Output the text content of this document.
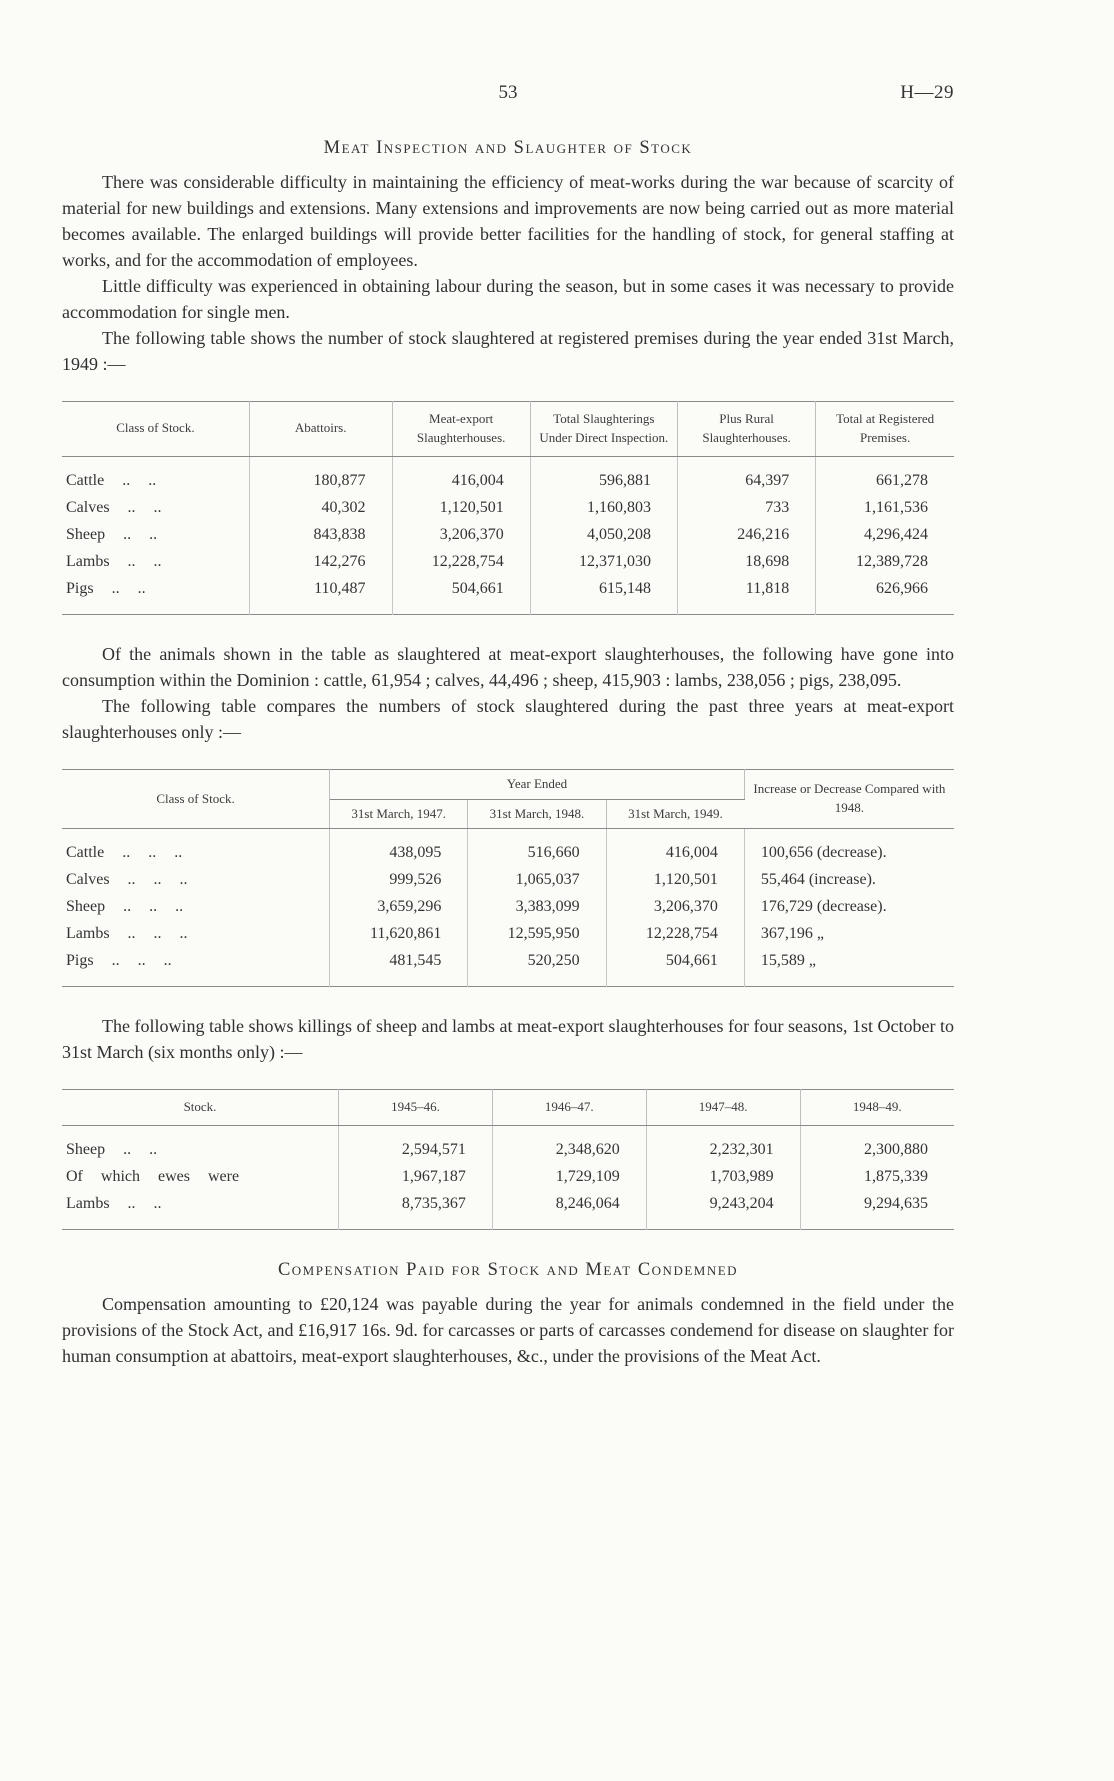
53	H—29
Meat Inspection and Slaughter of Stock

There was considerable difficulty in maintaining the efficiency of meat-works during the war because of scarcity of material for new buildings and extensions. Many extensions and improvements are now being carried out as more material becomes available. The enlarged buildings will provide better facilities for the handling of stock, for general staffing at works, and for the accommodation of employees.

Little difficulty was experienced in obtaining labour during the season, but in some cases it was necessary to provide accommodation for single men.

The following table shows the number of stock slaughtered at registered premises during the year ended 31st March, 1949 :—

Class of Stock.	Abattoirs.	Meat-export Slaughterhouses.	Total Slaughterings Under Direct Inspection.	Plus Rural Slaughterhouses.	Total at Registered Premises.
Cattle .. ..	180,877	416,004	596,881	64,397	661,278
Calves .. ..	40,302	1,120,501	1,160,803	733	1,161,536
Sheep .. ..	843,838	3,206,370	4,050,208	246,216	4,296,424
Lambs .. ..	142,276	12,228,754	12,371,030	18,698	12,389,728
Pigs .. ..	110,487	504,661	615,148	11,818	626,966

Of the animals shown in the table as slaughtered at meat-export slaughterhouses, the following have gone into consumption within the Dominion : cattle, 61,954 ; calves, 44,496 ; sheep, 415,903 : lambs, 238,056 ; pigs, 238,095.

The following table compares the numbers of stock slaughtered during the past three years at meat-export slaughterhouses only :—

Class of Stock.	Year Ended			Increase or Decrease Compared with 1948.
	31st March, 1947.	31st March, 1948.	31st March, 1949.	
Cattle .. .. ..	438,095	516,660	416,004	100,656 (decrease).
Calves .. .. ..	999,526	1,065,037	1,120,501	55,464 (increase).
Sheep .. .. ..	3,659,296	3,383,099	3,206,370	176,729 (decrease).
Lambs .. .. ..	11,620,861	12,595,950	12,228,754	367,196 „
Pigs .. .. ..	481,545	520,250	504,661	15,589 „

The following table shows killings of sheep and lambs at meat-export slaughterhouses for four seasons, 1st October to 31st March (six months only) :—

Stock.	1945–46.	1946–47.	1947–48.	1948–49.
Sheep .. ..	2,594,571	2,348,620	2,232,301	2,300,880
Of which ewes were	1,967,187	1,729,109	1,703,989	1,875,339
Lambs .. ..	8,735,367	8,246,064	9,243,204	9,294,635
Compensation Paid for Stock and Meat Condemned

Compensation amounting to £20,124 was payable during the year for animals condemned in the field under the provisions of the Stock Act, and £16,917 16s. 9d. for carcasses or parts of carcasses condemend for disease on slaughter for human consumption at abattoirs, meat-export slaughterhouses, &c., under the provisions of the Meat Act.
